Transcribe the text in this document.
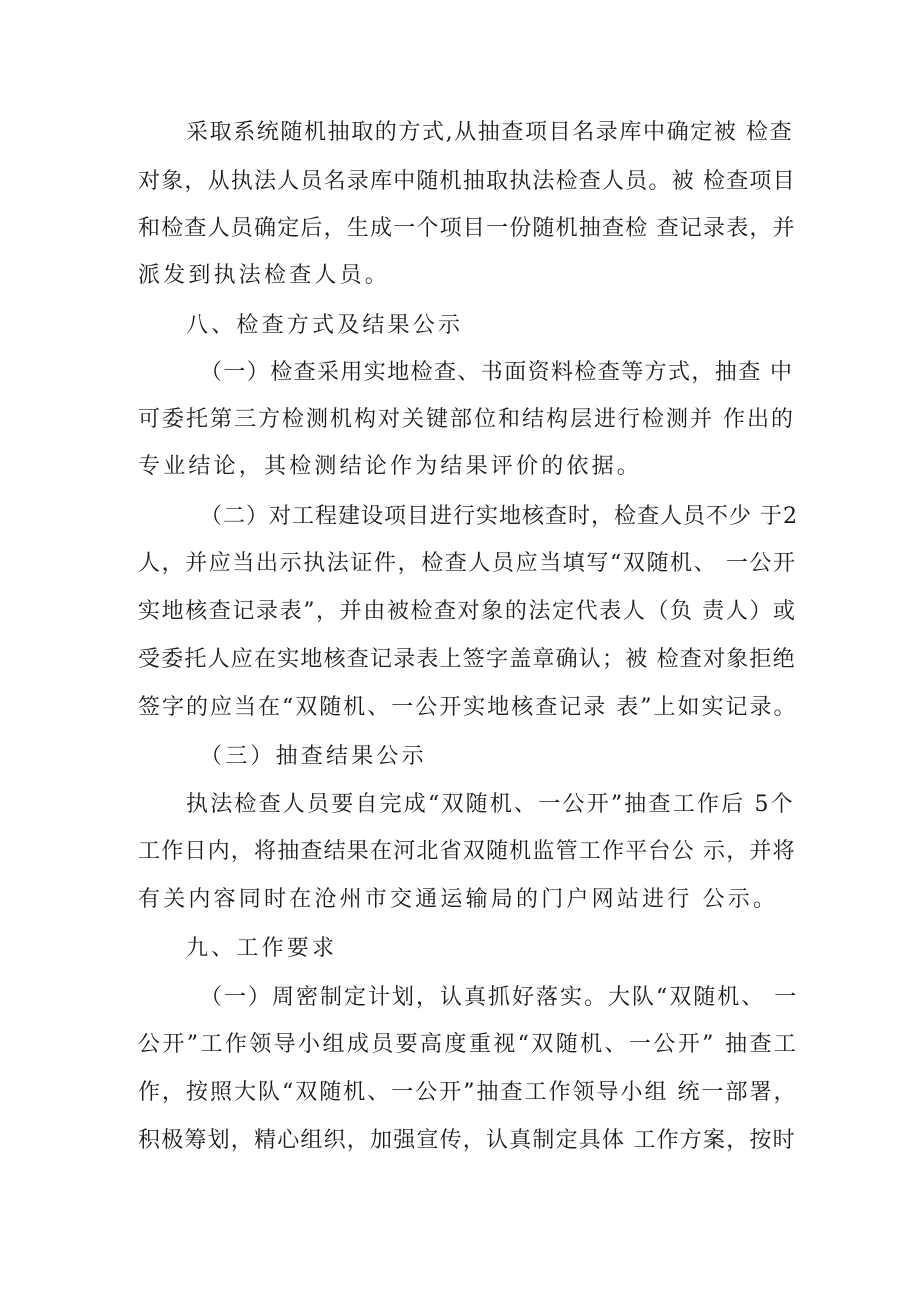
采取系统随机抽取的方式,从抽查项目名录库中确定被 检查
对象，从执法人员名录库中随机抽取执法检查人员。被 检查项目
和检查人员确定后，生成一个项目一份随机抽查检 查记录表，并
派发到执法检查人员。
八、检查方式及结果公示
（一）检查采用实地检查、书面资料检查等方式，抽查 中
可委托第三方检测机构对关键部位和结构层进行检测并 作出的
专业结论，其检测结论作为结果评价的依据。
（二）对工程建设项目进行实地核查时，检查人员不少 于2
人，并应当出示执法证件，检查人员应当填写“双随机、 一公开
实地核查记录表”，并由被检查对象的法定代表人（负 责人）或
受委托人应在实地核查记录表上签字盖章确认；被 检查对象拒绝
签字的应当在“双随机、一公开实地核查记录 表”上如实记录。
（三）抽查结果公示
执法检查人员要自完成“双随机、一公开”抽查工作后 5个
工作日内，将抽查结果在河北省双随机监管工作平台公 示，并将
有关内容同时在沧州市交通运输局的门户网站进行 公示。
九、工作要求
（一）周密制定计划，认真抓好落实。大队“双随机、 一
公开”工作领导小组成员要高度重视“双随机、一公开” 抽查工
作，按照大队“双随机、一公开”抽查工作领导小组 统一部署，
积极筹划，精心组织，加强宣传，认真制定具体 工作方案，按时
